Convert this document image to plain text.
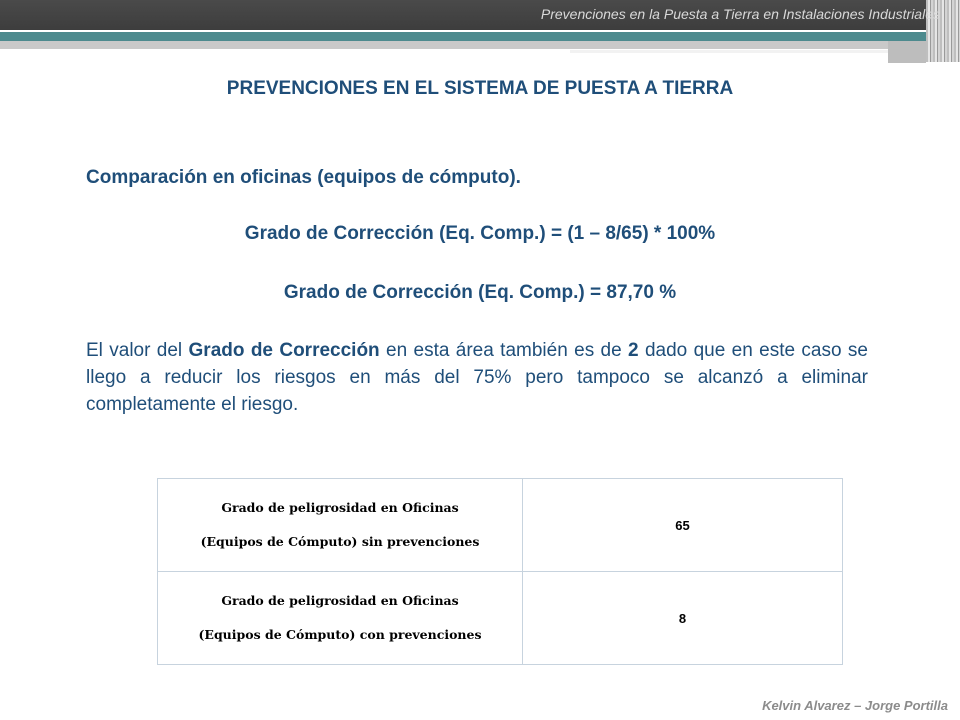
Prevenciones en la Puesta a Tierra en Instalaciones Industriales
PREVENCIONES EN EL SISTEMA DE PUESTA A TIERRA
Comparación en oficinas (equipos de cómputo).
Grado de Corrección (Eq. Comp.) = (1 – 8/65) * 100%
Grado de Corrección (Eq. Comp.) = 87,70 %
El valor del Grado de Corrección en esta área también es de 2 dado que en este caso se llego a reducir los riesgos en más del 75% pero tampoco se alcanzó a eliminar completamente el riesgo.
Grado de peligrosidad en Oficinas
(Equipos de Cómputo) sin prevenciones	65

Grado de peligrosidad en Oficinas
(Equipos de Cómputo) con prevenciones	8
Kelvin Alvarez – Jorge Portilla
